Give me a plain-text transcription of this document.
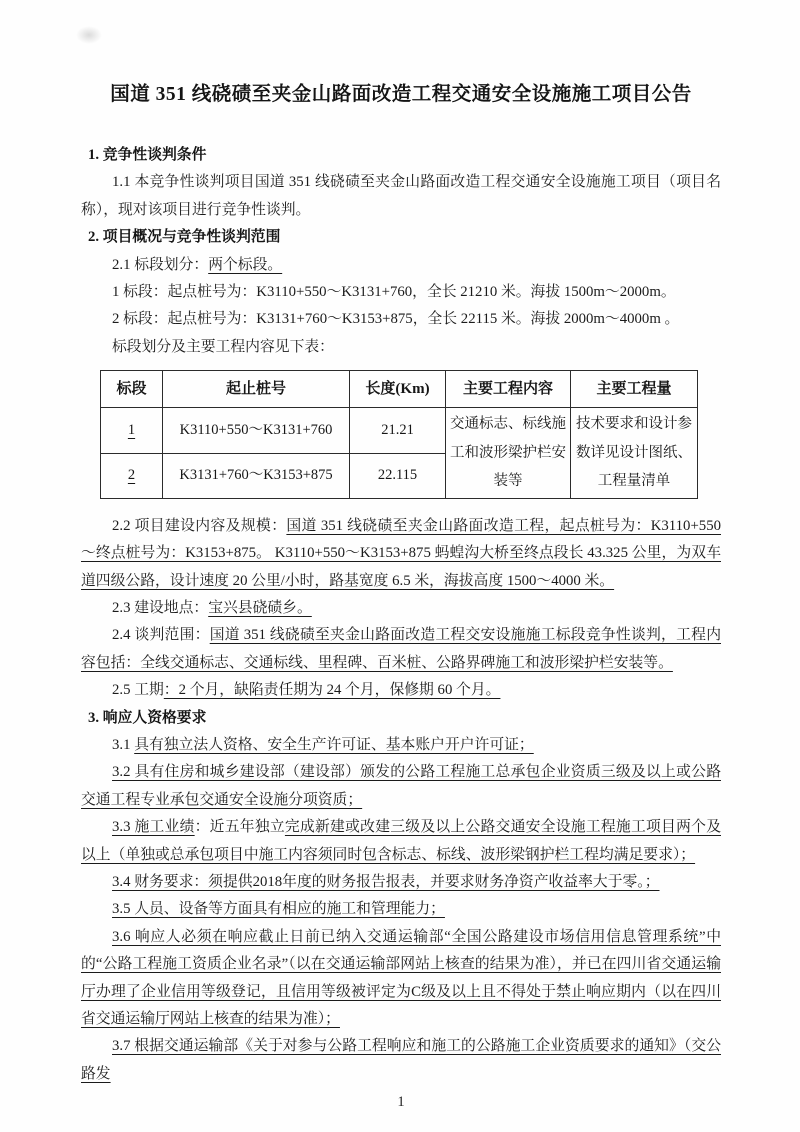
国道 351 线硗碛至夹金山路面改造工程交通安全设施施工项目公告

1. 竞争性谈判条件

1.1 本竞争性谈判项目国道 351 线硗碛至夹金山路面改造工程交通安全设施施工项目（项目名称），现对该项目进行竞争性谈判。

2. 项目概况与竞争性谈判范围

2.1 标段划分：两个标段。

1 标段：起点桩号为：K3110+550～K3131+760，全长 21210 米。海拔 1500m～2000m。

2 标段：起点桩号为：K3131+760～K3153+875，全长 22115 米。海拔 2000m～4000m 。

标段划分及主要工程内容见下表：

标段	起止桩号	长度(Km)	主要工程内容	主要工程量
1	K3110+550～K3131+760	21.21	交通标志、标线施工和波形梁护栏安装等	技术要求和设计参数详见设计图纸、工程量清单
2	K3131+760～K3153+875	22.115		

2.2 项目建设内容及规模：国道 351 线硗碛至夹金山路面改造工程，起点桩号为：K3110+550～终点桩号为：K3153+875。 K3110+550～K3153+875 蚂蝗沟大桥至终点段长 43.325 公里，为双车道四级公路，设计速度 20 公里/小时，路基宽度 6.5 米，海拔高度 1500～4000 米。

2.3 建设地点：宝兴县硗碛乡。

2.4 谈判范围：国道 351 线硗碛至夹金山路面改造工程交安设施施工标段竞争性谈判，工程内容包括：全线交通标志、交通标线、里程碑、百米桩、公路界碑施工和波形梁护栏安装等。

2.5 工期：2 个月，缺陷责任期为 24 个月，保修期 60 个月。

3. 响应人资格要求

3.1 具有独立法人资格、安全生产许可证、基本账户开户许可证；

3.2 具有住房和城乡建设部（建设部）颁发的公路工程施工总承包企业资质三级及以上或公路交通工程专业承包交通安全设施分项资质；

3.3 施工业绩：近五年独立完成新建或改建三级及以上公路交通安全设施工程施工项目两个及以上（单独或总承包项目中施工内容须同时包含标志、标线、波形梁钢护栏工程均满足要求）；

3.4 财务要求：须提供2018年度的财务报告报表，并要求财务净资产收益率大于零。；

3.5 人员、设备等方面具有相应的施工和管理能力；

3.6 响应人必须在响应截止日前已纳入交通运输部“全国公路建设市场信用信息管理系统”中的“公路工程施工资质企业名录”（以在交通运输部网站上核查的结果为准），并已在四川省交通运输厅办理了企业信用等级登记，且信用等级被评定为C级及以上且不得处于禁止响应期内（以在四川省交通运输厅网站上核查的结果为准）；

3.7 根据交通运输部《关于对参与公路工程响应和施工的公路施工企业资质要求的通知》（交公路发

1
